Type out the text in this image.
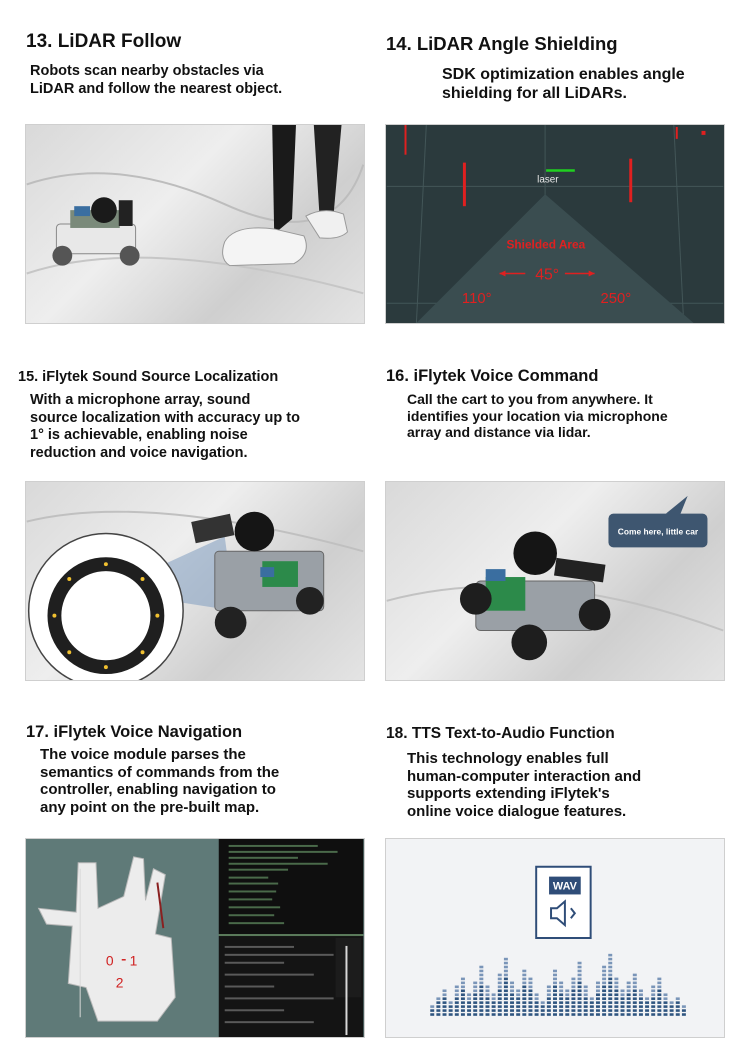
13. LiDAR Follow
Robots scan nearby obstacles via
LiDAR and follow the nearest object.
14. LiDAR Angle Shielding
SDK optimization enables angle
shielding for all LiDARs.
laser
Shielded Area
45°
110°	250°
15. iFlytek Sound Source Localization
With a microphone array, sound
source localization with accuracy up to
1° is achievable, enabling noise
reduction and voice navigation.
16. iFlytek Voice Command
Call the cart to you from anywhere. It
identifies your location via microphone
array and distance via lidar.
Come here, little car
17. iFlytek Voice Navigation
The voice module parses the
semantics of commands from the
controller, enabling navigation to
any point on the pre-built map.
0 1
2
18. TTS Text-to-Audio Function
This technology enables full
human-computer interaction and
supports extending iFlytek's
online voice dialogue features.
WAV
